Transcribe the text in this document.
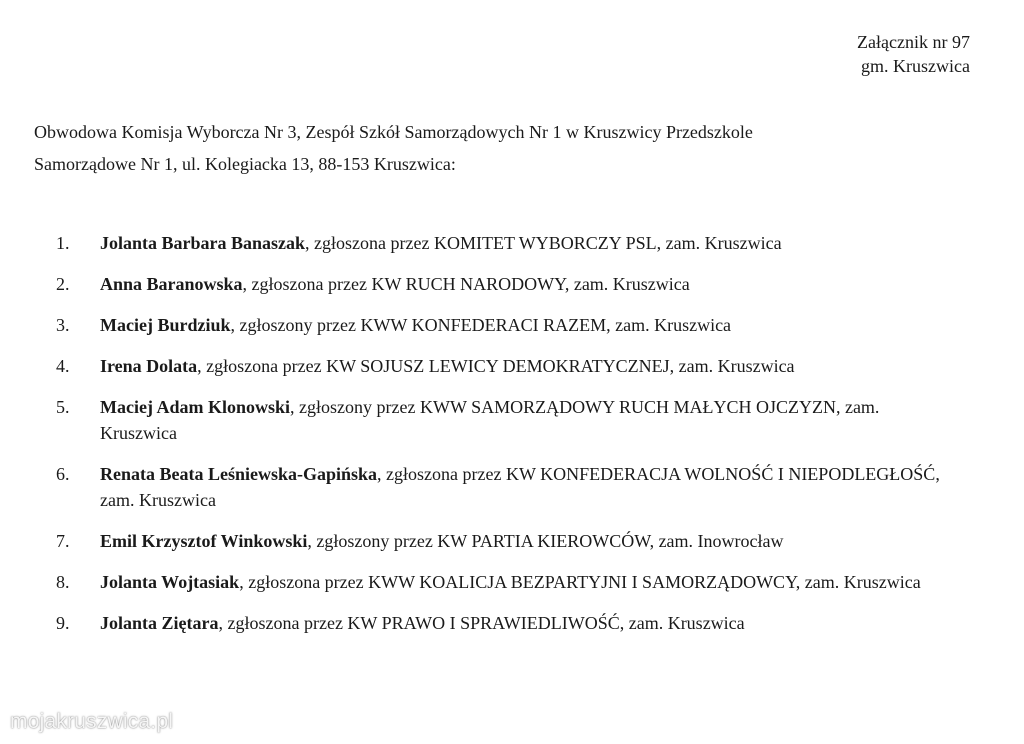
Załącznik nr 97
gm. Kruszwica
Obwodowa Komisja Wyborcza Nr 3, Zespół Szkół Samorządowych Nr 1 w Kruszwicy Przedszkole
Samorządowe Nr 1, ul. Kolegiacka 13, 88-153 Kruszwica:
1.	Jolanta Barbara Banaszak, zgłoszona przez KOMITET WYBORCZY PSL, zam. Kruszwica
2.	Anna Baranowska, zgłoszona przez KW RUCH NARODOWY, zam. Kruszwica
3.	Maciej Burdziuk, zgłoszony przez KWW KONFEDERACI RAZEM, zam. Kruszwica
4.	Irena Dolata, zgłoszona przez KW SOJUSZ LEWICY DEMOKRATYCZNEJ, zam. Kruszwica
5.	Maciej Adam Klonowski, zgłoszony przez KWW SAMORZĄDOWY RUCH MAŁYCH OJCZYZN, zam. Kruszwica
6.	Renata Beata Leśniewska-Gapińska, zgłoszona przez KW KONFEDERACJA WOLNOŚĆ I NIEPODLEGŁOŚĆ, zam. Kruszwica
7.	Emil Krzysztof Winkowski, zgłoszony przez KW PARTIA KIEROWCÓW, zam. Inowrocław
8.	Jolanta Wojtasiak, zgłoszona przez KWW KOALICJA BEZPARTYJNI I SAMORZĄDOWCY, zam. Kruszwica
9.	Jolanta Ziętara, zgłoszona przez KW PRAWO I SPRAWIEDLIWOŚĆ, zam. Kruszwica
mojakruszwica.pl
